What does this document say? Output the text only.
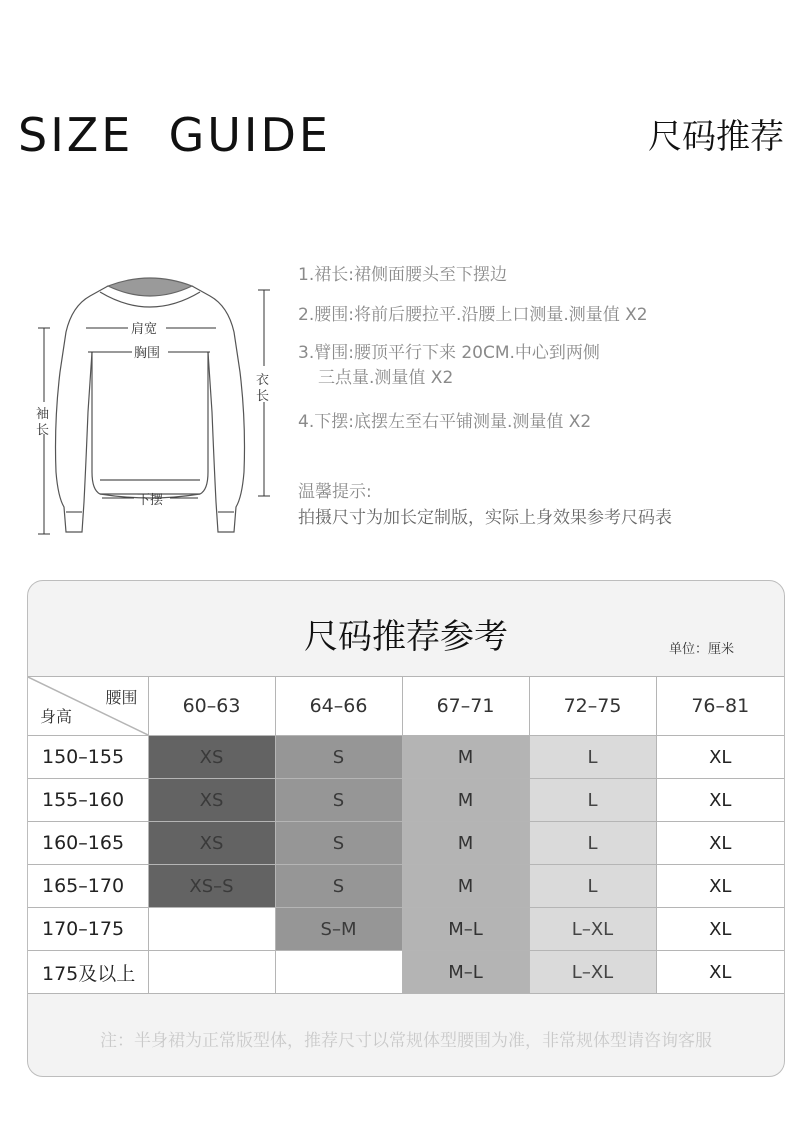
SIZE  GUIDE	尺码推荐
肩宽
胸围
袖
长
衣
长
下摆
1.裙长:裙侧面腰头至下摆边
2.腰围:将前后腰拉平.沿腰上口测量.测量值 X2
3.臂围:腰顶平行下来 20CM.中心到两侧
三点量.测量值 X2
4.下摆:底摆左至右平铺测量.测量值 X2
温馨提示:
拍摄尺寸为加长定制版，实际上身效果参考尺码表
尺码推荐参考	单位：厘米
腰围
身高	60–63	64–66	67–71	72–75	76–81
150–155	XS	S	M	L	XL
155–160	XS	S	M	L	XL
160–165	XS	S	M	L	XL
165–170	XS–S	S	M	L	XL
170–175		S–M	M–L	L–XL	XL
175及以上			M–L	L–XL	XL
注：半身裙为正常版型体，推荐尺寸以常规体型腰围为准，非常规体型请咨询客服
